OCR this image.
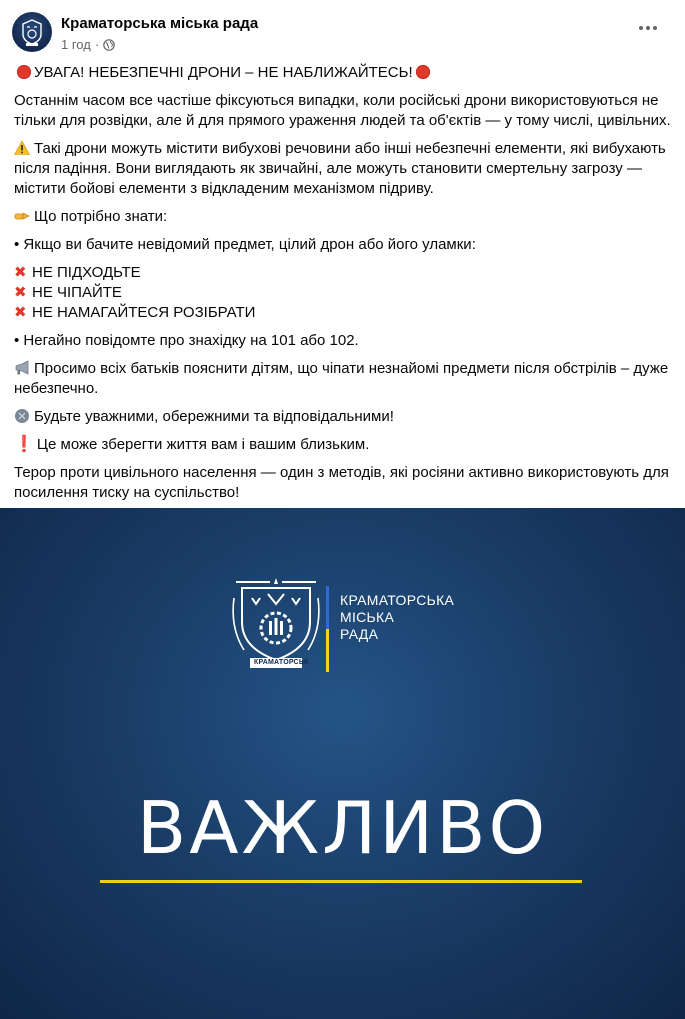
Краматорська міська рада
1 год ·

УВАГА! НЕБЕЗПЕЧНІ ДРОНИ – НЕ НАБЛИЖАЙТЕСЬ!

Останнім часом все частіше фіксуються випадки, коли російські дрони використовуються не тільки для розвідки, але й для прямого ураження людей та об'єктів — у тому числі, цивільних.

Такі дрони можуть містити вибухові речовини або інші небезпечні елементи, які вибухають після падіння. Вони виглядають як звичайні, але можуть становити смертельну загрозу — містити бойові елементи з відкладеним механізмом підриву.

Що потрібно знати:

• Якщо ви бачите невідомий предмет, цілий дрон або його уламки:

✖ НЕ ПІДХОДЬТЕ

✖ НЕ ЧІПАЙТЕ

✖ НЕ НАМАГАЙТЕСЯ РОЗІБРАТИ

• Негайно повідомте про знахідку на 101 або 102.

Просимо всіх батьків пояснити дітям, що чіпати незнайомі предмети після обстрілів – дуже небезпечно.

Будьте уважними, обережними та відповідальними!

❗ Це може зберегти життя вам і вашим близьким.

Терор проти цивільного населення — один з методів, які росіяни активно використовують для посилення тиску на суспільство!

КРАМАТОРСЬК
КРАМАТОРСЬКА
МІСЬКА
РАДА
ВАЖЛИВО
